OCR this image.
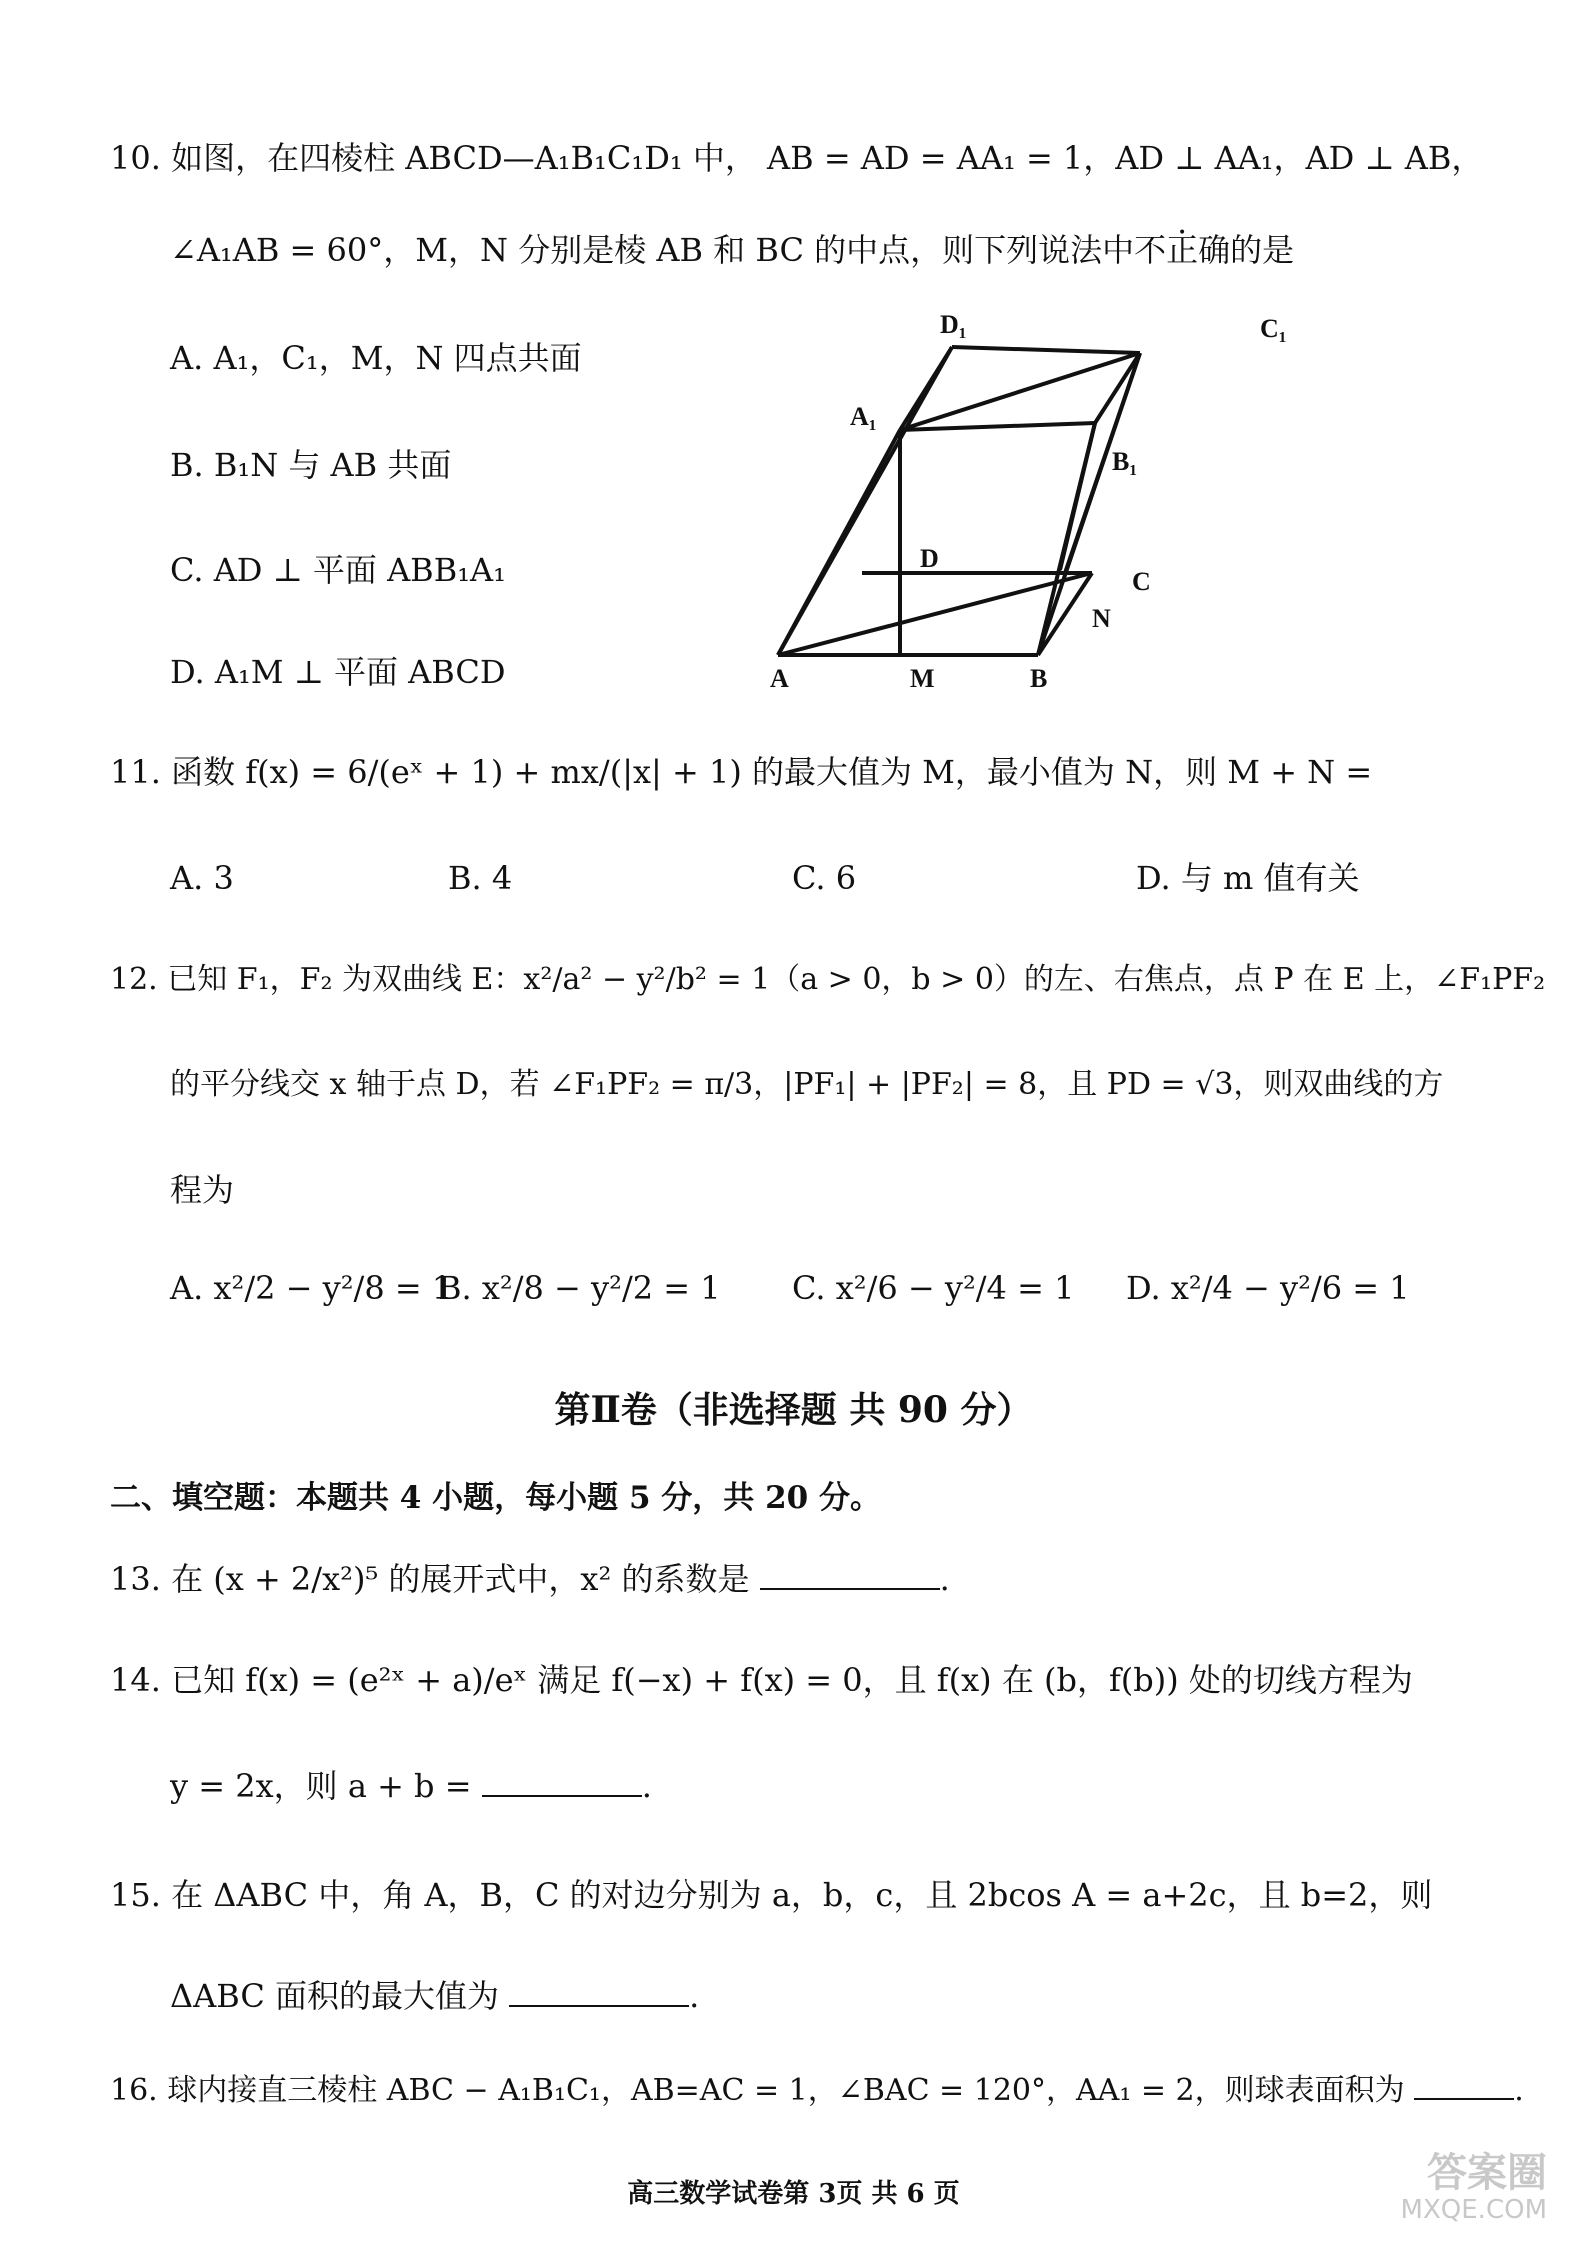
10. 如图，在四棱柱 ABCD—A₁B₁C₁D₁ 中， AB = AD = AA₁ = 1，AD ⊥ AA₁，AD ⊥ AB，
∠A₁AB = 60°，M，N 分别是棱 AB 和 BC 的中点，则下列说法中不正确的是
A. A₁，C₁，M，N 四点共面
B. B₁N 与 AB 共面
C. AD ⊥ 平面 ABB₁A₁
D. A₁M ⊥ 平面 ABCD
D₁	C₁
A₁
B₁
D
C
N
A	M	B
11. 函数 f(x) = 6/(eˣ + 1) + mx/(|x| + 1) 的最大值为 M，最小值为 N，则 M + N =
A. 3	B. 4	C. 6	D. 与 m 值有关
12. 已知 F₁，F₂ 为双曲线 E：x²/a² − y²/b² = 1（a > 0，b > 0）的左、右焦点，点 P 在 E 上，∠F₁PF₂
的平分线交 x 轴于点 D，若 ∠F₁PF₂ = π/3，|PF₁| + |PF₂| = 8，且 PD = √3，则双曲线的方
程为
A. x²/2 − y²/8 = 1
B. x²/8 − y²/2 = 1 C. x²/6 − y²/4 = 1 D. x²/4 − y²/6 = 1
第Ⅱ卷（非选择题 共 90 分）
二、填空题：本题共 4 小题，每小题 5 分，共 20 分。
13. 在 (x + 2/x²)⁵ 的展开式中，x² 的系数是	.
14. 已知 f(x) = (e²ˣ + a)/eˣ 满足 f(−x) + f(x) = 0，且 f(x) 在 (b，f(b)) 处的切线方程为
y = 2x，则 a + b =	.
15. 在 ΔABC 中，角 A，B，C 的对边分别为 a，b，c，且 2bcos A = a+2c，且 b=2，则
ΔABC 面积的最大值为	.
16. 球内接直三棱柱 ABC − A₁B₁C₁，AB=AC = 1，∠BAC = 120°，AA₁ = 2，则球表面积为	.
高三数学试卷第 3页 共 6 页	答案圈
MXQE.COM
